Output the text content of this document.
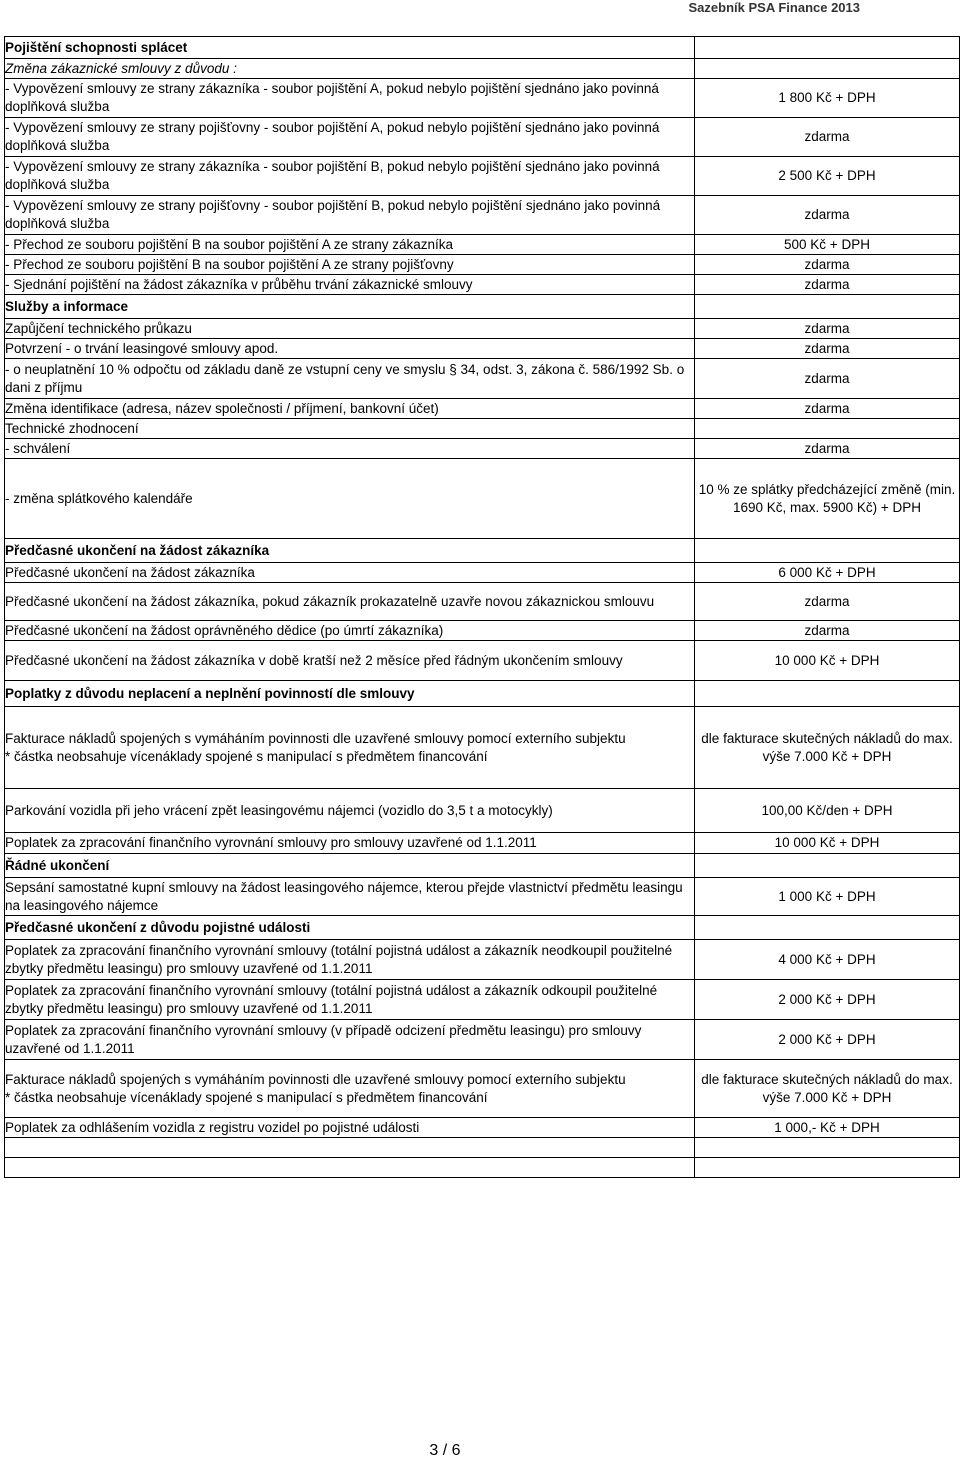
Sazebník PSA Finance 2013
Pojištění schopnosti splácet	
Změna zákaznické smlouvy z důvodu :	
- Vypovězení smlouvy ze strany zákazníka - soubor pojištění A, pokud nebylo pojištění sjednáno jako povinná doplňková služba	1 800 Kč + DPH
- Vypovězení smlouvy ze strany pojišťovny - soubor pojištění A, pokud nebylo pojištění sjednáno jako povinná doplňková služba	zdarma
- Vypovězení smlouvy ze strany zákazníka - soubor pojištění B, pokud nebylo pojištění sjednáno jako povinná doplňková služba	2 500 Kč + DPH
- Vypovězení smlouvy ze strany pojišťovny - soubor pojištění B, pokud nebylo pojištění sjednáno jako povinná doplňková služba	zdarma
- Přechod ze souboru pojištění B na soubor pojištění A ze strany zákazníka	500 Kč + DPH
- Přechod ze souboru pojištění B na soubor pojištění A ze strany pojišťovny	zdarma
- Sjednání pojištění na žádost zákazníka v průběhu trvání zákaznické smlouvy	zdarma
Služby a informace	
Zapůjčení technického průkazu	zdarma
Potvrzení - o trvání leasingové smlouvy apod.	zdarma
- o neuplatnění 10 % odpočtu od základu daně ze vstupní ceny ve smyslu § 34, odst. 3, zákona č. 586/1992 Sb. o dani z příjmu	zdarma
Změna identifikace (adresa, název společnosti / příjmení, bankovní účet)	zdarma
Technické zhodnocení	
- schválení	zdarma
- změna splátkového kalendáře	10 % ze splátky předcházející změně (min. 1690 Kč, max. 5900 Kč) + DPH
Předčasné ukončení na žádost zákazníka	
Předčasné ukončení na žádost zákazníka	6 000 Kč + DPH
Předčasné ukončení na žádost zákazníka, pokud zákazník prokazatelně uzavře novou zákaznickou smlouvu	zdarma
Předčasné ukončení na žádost oprávněného dědice (po úmrtí zákazníka)	zdarma
Předčasné ukončení na žádost zákazníka v době kratší než 2 měsíce před řádným ukončením smlouvy	10 000 Kč + DPH
Poplatky z důvodu neplacení a neplnění povinností dle smlouvy	
Fakturace nákladů spojených s vymáháním povinnosti dle uzavřené smlouvy pomocí externího subjektu
* částka neobsahuje vícenáklady spojené s manipulací s předmětem financování	dle fakturace skutečných nákladů do max. výše 7.000 Kč + DPH
Parkování vozidla při jeho vrácení zpět leasingovému nájemci (vozidlo do 3,5 t a motocykly)	100,00 Kč/den + DPH
Poplatek za zpracování finančního vyrovnání smlouvy pro smlouvy uzavřené od 1.1.2011	10 000 Kč + DPH
Řádné ukončení	
Sepsání samostatné kupní smlouvy na žádost leasingového nájemce, kterou přejde vlastnictví předmětu leasingu na leasingového nájemce	1 000 Kč + DPH
Předčasné ukončení z důvodu pojistné události	
Poplatek za zpracování finančního vyrovnání smlouvy (totální pojistná událost a zákazník neodkoupil použitelné zbytky předmětu leasingu) pro smlouvy uzavřené od 1.1.2011	4 000 Kč + DPH
Poplatek za zpracování finančního vyrovnání smlouvy (totální pojistná událost a zákazník odkoupil použitelné zbytky předmětu leasingu) pro smlouvy uzavřené od 1.1.2011	2 000 Kč + DPH
Poplatek za zpracování finančního vyrovnání smlouvy (v případě odcizení předmětu leasingu) pro smlouvy uzavřené od 1.1.2011	2 000 Kč + DPH
Fakturace nákladů spojených s vymáháním povinnosti dle uzavřené smlouvy pomocí externího subjektu
* částka neobsahuje vícenáklady spojené s manipulací s předmětem financování	dle fakturace skutečných nákladů do max. výše 7.000 Kč + DPH
Poplatek za odhlášením vozidla z registru vozidel po pojistné události	1 000,- Kč + DPH

3 / 6
